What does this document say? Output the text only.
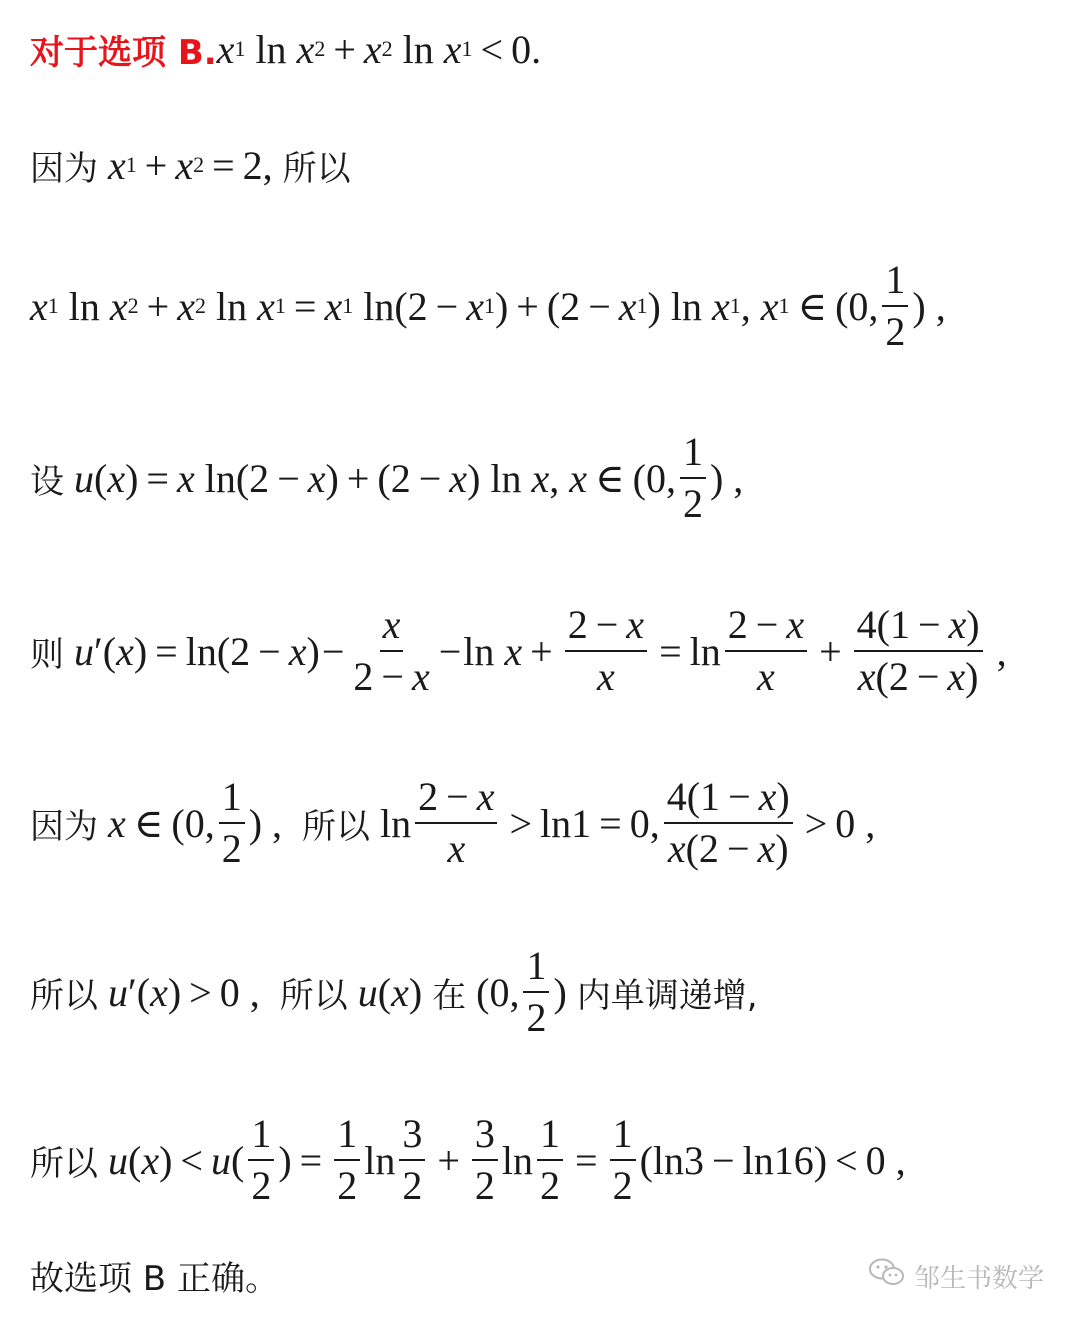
对于选项 B. x 1 ln x 2 + x 2 ln x 1 < 0.
因为
x 1 + x 2 = 2, 所以
x 1 ln x 2 + x 2 ln x 1 = x 1 ln(2 − x 1 ) + (2 − x 1 ) ln x 1 , x 1 ∈ (0, $\frac{1}{2}$ ) ,
设
u ( x ) = x ln(2 − x ) + (2 − x ) ln x , x ∈ (0, $\frac{1}{2}$ ) ,
则
u ′( x ) = ln(2 − x ) − $\frac{x}{2 - x} - \ln x + \frac{2 - x}{x} = \ln \frac{2 - x}{x} + \frac{4(1 - x)}{x(2 - x)}$ ,
因为
x ∈ (0, $\frac{1}{2}$ ) , 所以 $\ln \frac{2 - x}{x} > \ln 1 = 0$, $\frac{4(1 - x)}{x(2 - x)} > 0$ ,
所以
u ′( x ) > 0 , 所以
u ( x ) 在 (0, $\frac{1}{2}$ ) 内单调递增,
所以
u ( x ) < u ( $\frac{1}{2}$ ) = $\frac{1}{2}$ $\ln \frac{3}{2} + \frac{3}{2}$ $\ln \frac{1}{2} = \frac{1}{2} (\ln 3 - \ln 16) < 0$ ,
故选项 B 正确。	邹生书数学
